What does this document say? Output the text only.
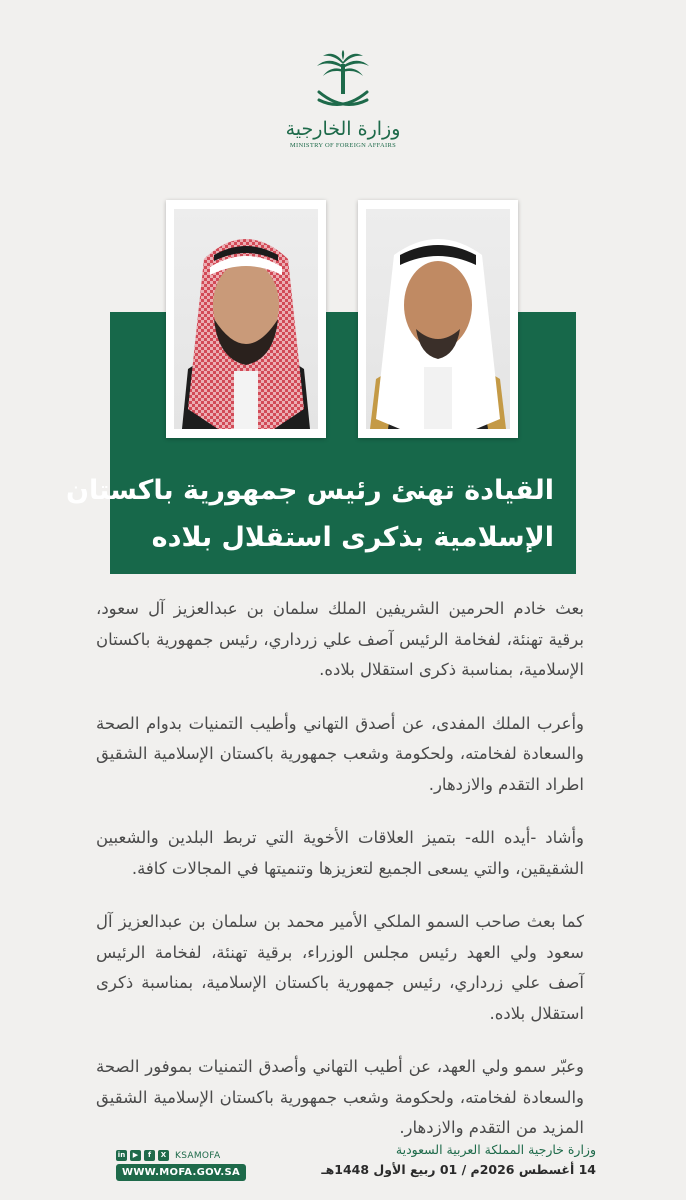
وزارة الخارجية
MINISTRY OF FOREIGN AFFAIRS
القيادة تهنئ رئيس جمهورية باكستان
الإسلامية بذكرى استقلال بلاده

بعث خادم الحرمين الشريفين الملك سلمان بن عبدالعزيز آل سعود، برقية تهنئة، لفخامة الرئيس آصف علي زرداري، رئيس جمهورية باكستان الإسلامية، بمناسبة ذكرى استقلال بلاده.

وأعرب الملك المفدى، عن أصدق التهاني وأطيب التمنيات بدوام الصحة والسعادة لفخامته، ولحكومة وشعب جمهورية باكستان الإسلامية الشقيق اطراد التقدم والازدهار.

وأشاد -أيده الله- بتميز العلاقات الأخوية التي تربط البلدين والشعبين الشقيقين، والتي يسعى الجميع لتعزيزها وتنميتها في المجالات كافة.

كما بعث صاحب السمو الملكي الأمير محمد بن سلمان بن عبدالعزيز آل سعود ولي العهد رئيس مجلس الوزراء، برقية تهنئة، لفخامة الرئيس آصف علي زرداري، رئيس جمهورية باكستان الإسلامية، بمناسبة ذكرى استقلال بلاده.

وعبّر سمو ولي العهد، عن أطيب التهاني وأصدق التمنيات بموفور الصحة والسعادة لفخامته، ولحكومة وشعب جمهورية باكستان الإسلامية الشقيق المزيد من التقدم والازدهار.

وزارة خارجية المملكة العربية السعودية
14 أغسطس 2026م / 01 ربيع الأول 1448هـ
in	▶	f	X KSAMOFA
WWW.MOFA.GOV.SA
